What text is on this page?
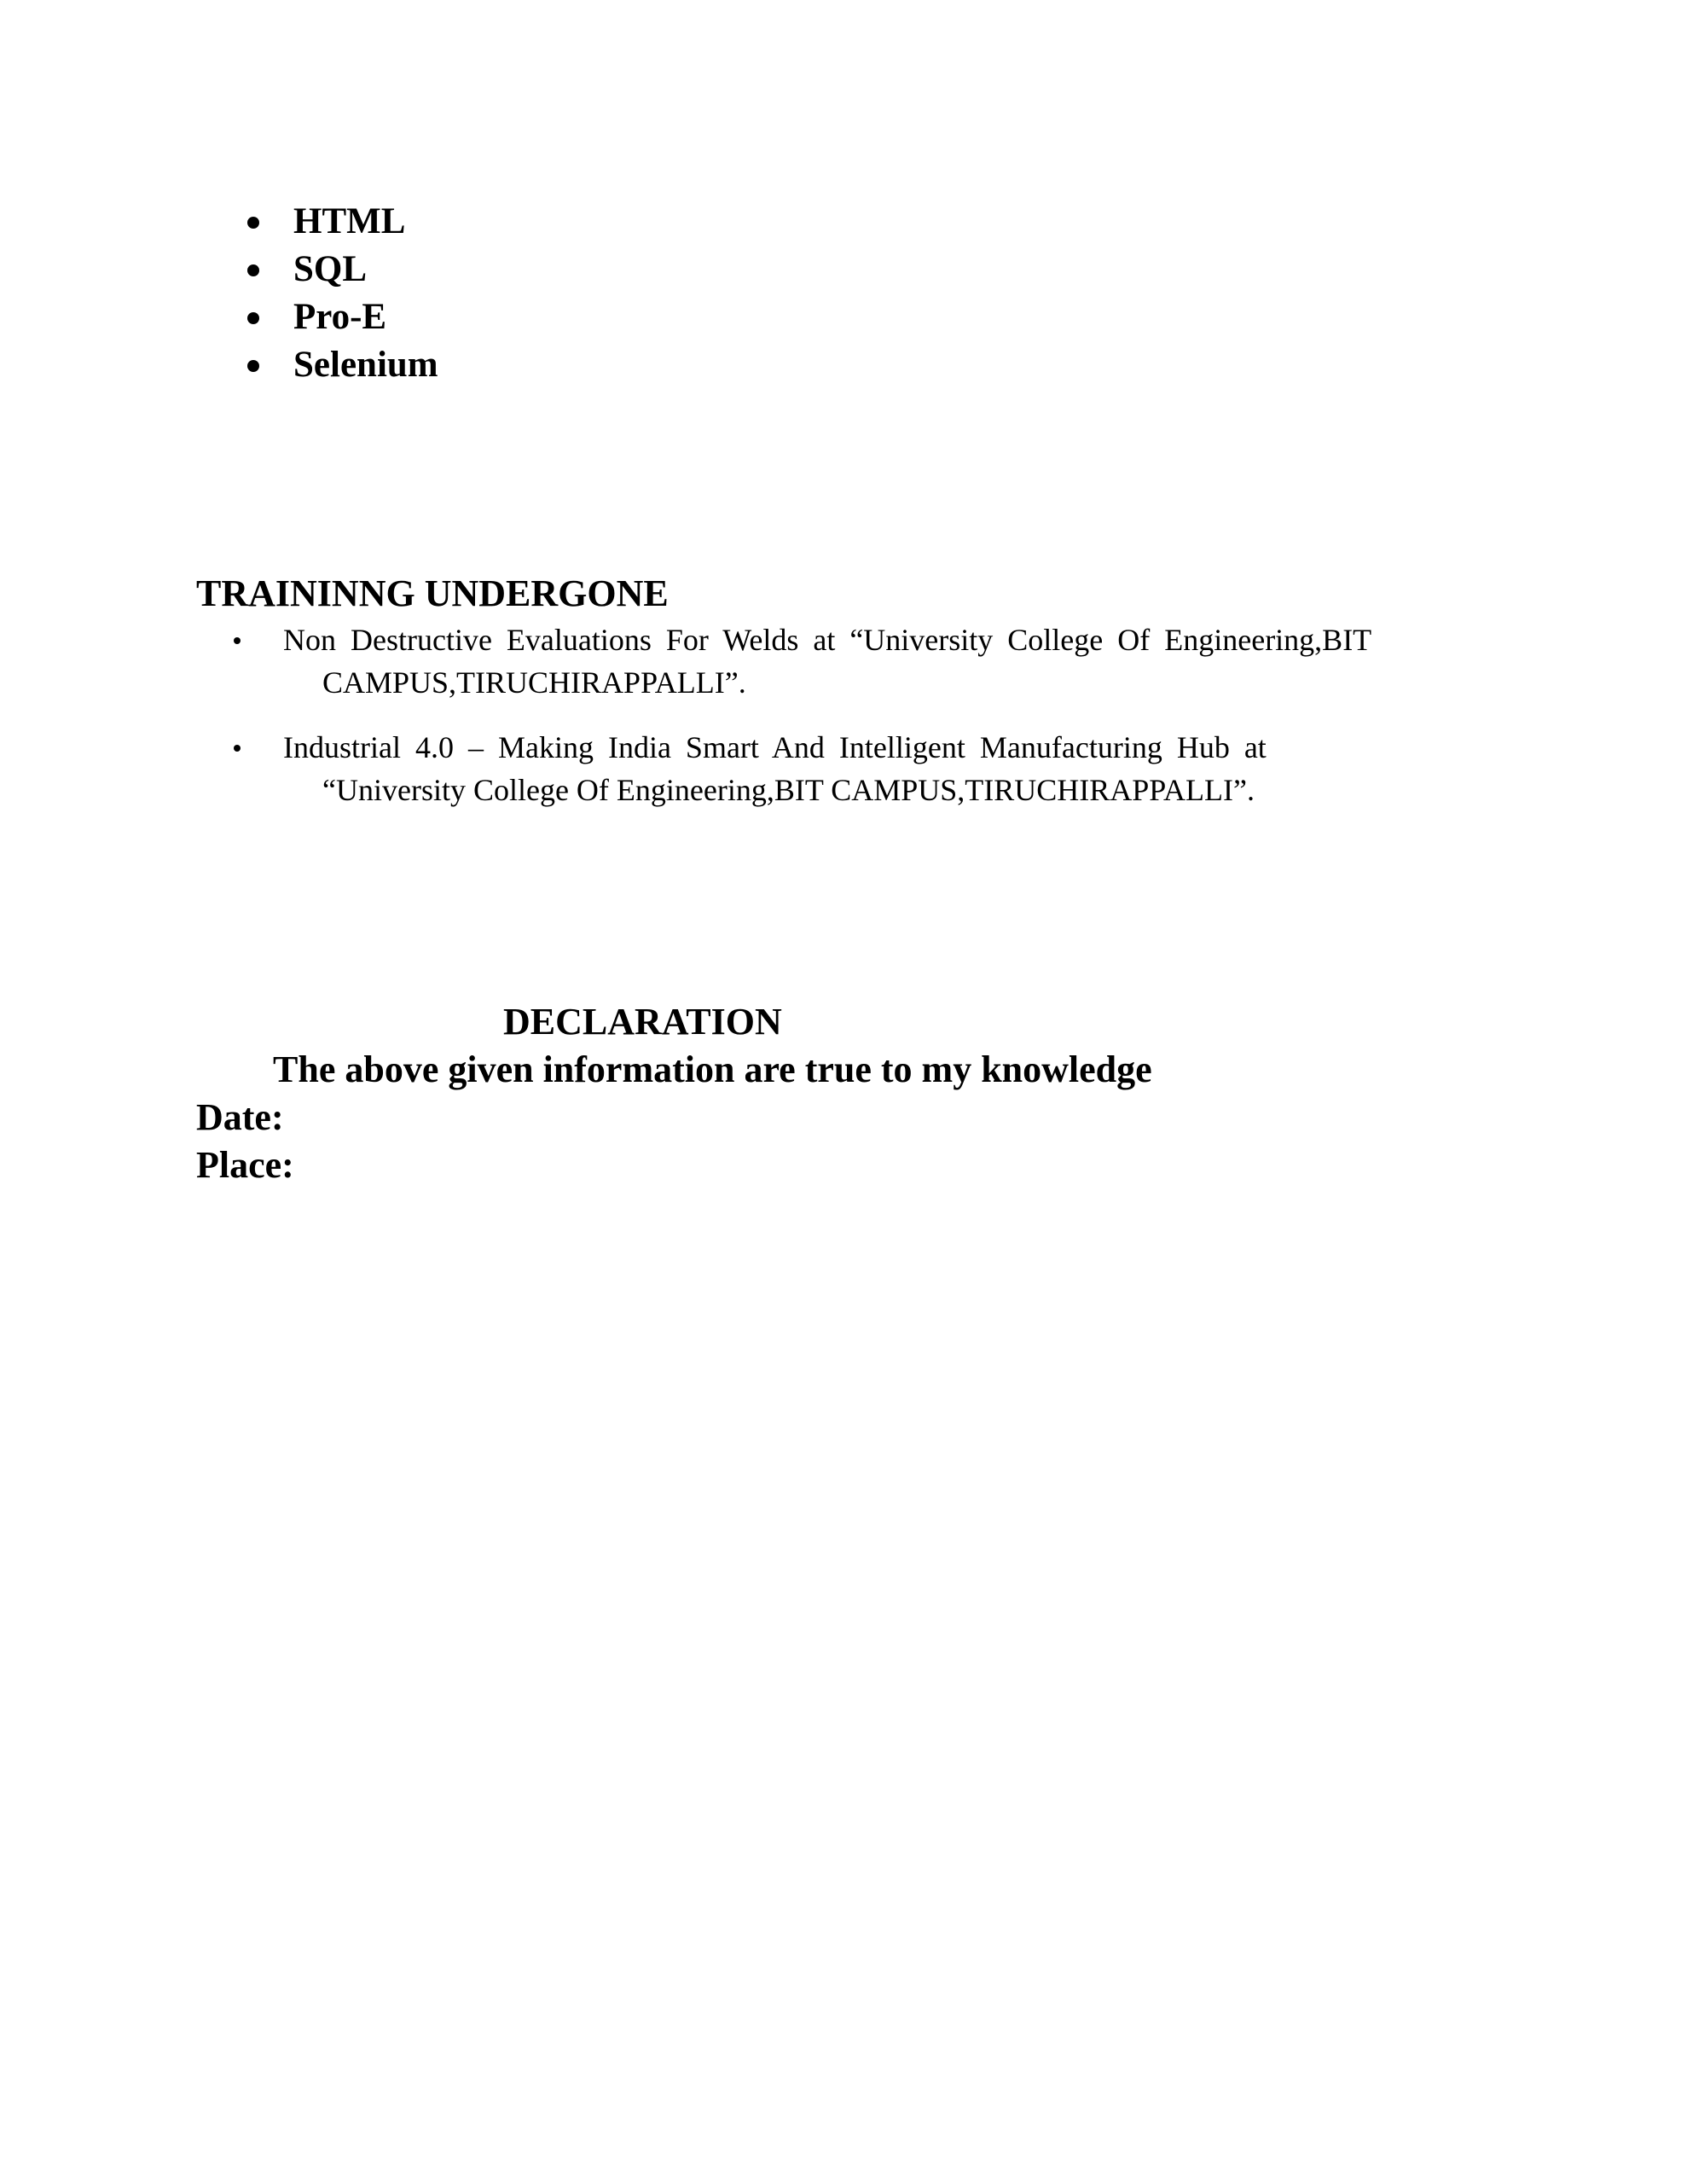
HTML
SQL
Pro-E
Selenium
TRAININNG UNDERGONE
Non Destructive Evaluations For Welds at “University College Of Engineering,BIT
CAMPUS,TIRUCHIRAPPALLI”.
Industrial 4.0 – Making India Smart And Intelligent Manufacturing Hub at
“University College Of Engineering,BIT CAMPUS,TIRUCHIRAPPALLI”.
DECLARATION

The above given information are true to my knowledge

Date:

Place:
